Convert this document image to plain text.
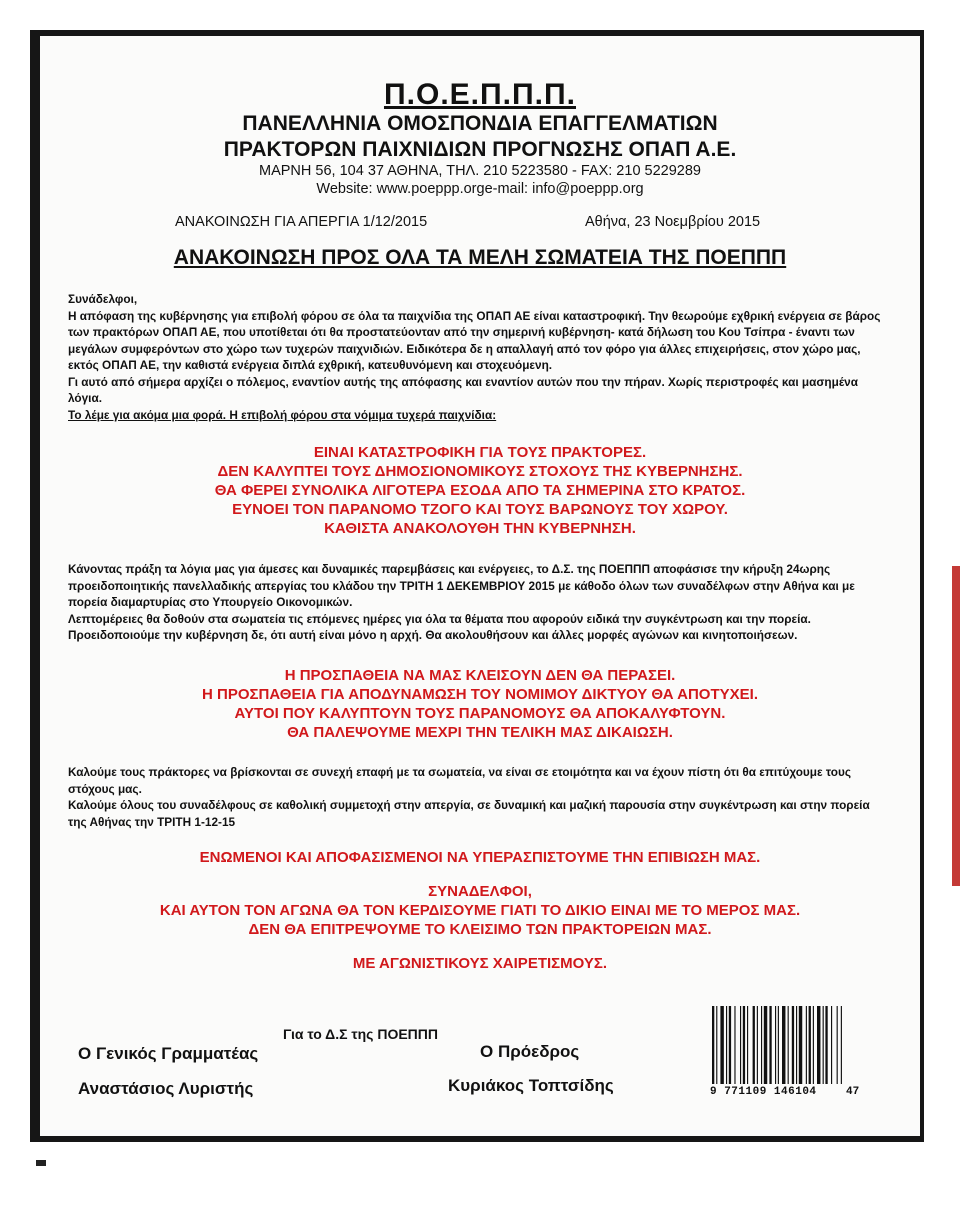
Π.Ο.Ε.Π.Π.Π.
ΠΑΝΕΛΛΗΝΙΑ ΟΜΟΣΠΟΝΔΙΑ ΕΠΑΓΓΕΛΜΑΤΙΩΝ
ΠΡΑΚΤΟΡΩΝ ΠΑΙΧΝΙΔΙΩΝ ΠΡΟΓΝΩΣΗΣ ΟΠΑΠ Α.Ε.
ΜΑΡΝΗ 56, 104 37 ΑΘΗΝΑ, ΤΗΛ. 210 5223580 - FAX: 210 5229289
Website: www.poeppp.orge-mail: info@poeppp.org
ΑΝΑΚΟΙΝΩΣΗ ΓΙΑ ΑΠΕΡΓΙΑ 1/12/2015	Αθήνα, 23 Νοεμβρίου 2015
ΑΝΑΚΟΙΝΩΣΗ ΠΡΟΣ ΟΛΑ ΤΑ ΜΕΛΗ ΣΩΜΑΤΕΙΑ ΤΗΣ ΠΟΕΠΠΠ

Συνάδελφοι,

Η απόφαση της κυβέρνησης για επιβολή φόρου σε όλα τα παιχνίδια της ΟΠΑΠ ΑΕ είναι καταστροφική. Την θεωρούμε εχθρική ενέργεια σε βάρος των πρακτόρων ΟΠΑΠ ΑΕ, που υποτίθεται ότι θα προστατεύονταν από την σημερινή κυβέρνηση- κατά δήλωση του Κου Τσίπρα - έναντι των μεγάλων συμφερόντων στο χώρο των τυχερών παιχνιδιών. Ειδικότερα δε η απαλλαγή από τον φόρο για άλλες επιχειρήσεις, στον χώρο μας, εκτός ΟΠΑΠ ΑΕ, την καθιστά ενέργεια διπλά εχθρική, κατευθυνόμενη και στοχευόμενη.

Γι αυτό από σήμερα αρχίζει ο πόλεμος, εναντίον αυτής της απόφασης και εναντίον αυτών που την πήραν. Χωρίς περιστροφές και μασημένα λόγια.

Το λέμε για ακόμα μια φορά. Η επιβολή φόρου στα νόμιμα τυχερά παιχνίδια:

ΕΙΝΑΙ ΚΑΤΑΣΤΡΟΦΙΚΗ ΓΙΑ ΤΟΥΣ ΠΡΑΚΤΟΡΕΣ.
ΔΕΝ ΚΑΛΥΠΤΕΙ ΤΟΥΣ ΔΗΜΟΣΙΟΝΟΜΙΚΟΥΣ ΣΤΟΧΟΥΣ ΤΗΣ ΚΥΒΕΡΝΗΣΗΣ.
ΘΑ ΦΕΡΕΙ ΣΥΝΟΛΙΚΑ ΛΙΓΟΤΕΡΑ ΕΣΟΔΑ ΑΠΟ ΤΑ ΣΗΜΕΡΙΝΑ ΣΤΟ ΚΡΑΤΟΣ.
ΕΥΝΟΕΙ ΤΟΝ ΠΑΡΑΝΟΜΟ ΤΖΟΓΟ ΚΑΙ ΤΟΥΣ ΒΑΡΩΝΟΥΣ ΤΟΥ ΧΩΡΟΥ.
ΚΑΘΙΣΤΑ ΑΝΑΚΟΛΟΥΘΗ ΤΗΝ ΚΥΒΕΡΝΗΣΗ.

Κάνοντας πράξη τα λόγια μας για άμεσες και δυναμικές παρεμβάσεις και ενέργειες, το Δ.Σ. της ΠΟΕΠΠΠ αποφάσισε την κήρυξη 24ωρης προειδοποιητικής πανελλαδικής απεργίας του κλάδου την ΤΡΙΤΗ 1 ΔΕΚΕΜΒΡΙΟΥ 2015 με κάθοδο όλων των συναδέλφων στην Αθήνα και με πορεία διαμαρτυρίας στο Υπουργείο Οικονομικών.

Λεπτομέρειες θα δοθούν στα σωματεία τις επόμενες ημέρες για όλα τα θέματα που αφορούν ειδικά την συγκέντρωση και την πορεία.

Προειδοποιούμε την κυβέρνηση δε, ότι αυτή είναι μόνο η αρχή. Θα ακολουθήσουν και άλλες μορφές αγώνων και κινητοποιήσεων.

Η ΠΡΟΣΠΑΘΕΙΑ ΝΑ ΜΑΣ ΚΛΕΙΣΟΥΝ ΔΕΝ ΘΑ ΠΕΡΑΣΕΙ.
Η ΠΡΟΣΠΑΘΕΙΑ ΓΙΑ ΑΠΟΔΥΝΑΜΩΣΗ ΤΟΥ ΝΟΜΙΜΟΥ ΔΙΚΤΥΟΥ ΘΑ ΑΠΟΤΥΧΕΙ.
ΑΥΤΟΙ ΠΟΥ ΚΑΛΥΠΤΟΥΝ ΤΟΥΣ ΠΑΡΑΝΟΜΟΥΣ ΘΑ ΑΠΟΚΑΛΥΦΤΟΥΝ.
ΘΑ ΠΑΛΕΨΟΥΜΕ ΜΕΧΡΙ ΤΗΝ ΤΕΛΙΚΗ ΜΑΣ ΔΙΚΑΙΩΣΗ.

Καλούμε τους πράκτορες να βρίσκονται σε συνεχή επαφή με τα σωματεία, να είναι σε ετοιμότητα και να έχουν πίστη ότι θα επιτύχουμε τους στόχους μας.

Καλούμε όλους του συναδέλφους σε καθολική συμμετοχή στην απεργία, σε δυναμική και μαζική παρουσία στην συγκέντρωση και στην πορεία της Αθήνας την ΤΡΙΤΗ 1-12-15

ΕΝΩΜΕΝΟΙ ΚΑΙ ΑΠΟΦΑΣΙΣΜΕΝΟΙ ΝΑ ΥΠΕΡΑΣΠΙΣΤΟΥΜΕ ΤΗΝ ΕΠΙΒΙΩΣΗ ΜΑΣ.
ΣΥΝΑΔΕΛΦΟΙ,
ΚΑΙ ΑΥΤΟΝ ΤΟΝ ΑΓΩΝΑ ΘΑ ΤΟΝ ΚΕΡΔΙΣΟΥΜΕ ΓΙΑΤΙ ΤΟ ΔΙΚΙΟ ΕΙΝΑΙ ΜΕ ΤΟ ΜΕΡΟΣ ΜΑΣ.
ΔΕΝ ΘΑ ΕΠΙΤΡΕΨΟΥΜΕ ΤΟ ΚΛΕΙΣΙΜΟ ΤΩΝ ΠΡΑΚΤΟΡΕΙΩΝ ΜΑΣ.
ΜΕ ΑΓΩΝΙΣΤΙΚΟΥΣ ΧΑΙΡΕΤΙΣΜΟΥΣ.
Για το Δ.Σ της ΠΟΕΠΠΠ
Ο Γενικός Γραμματέας	Ο Πρόεδρος
Αναστάσιος Λυριστής	Κυριάκος Τοπτσίδης	9 771109 146104	47
